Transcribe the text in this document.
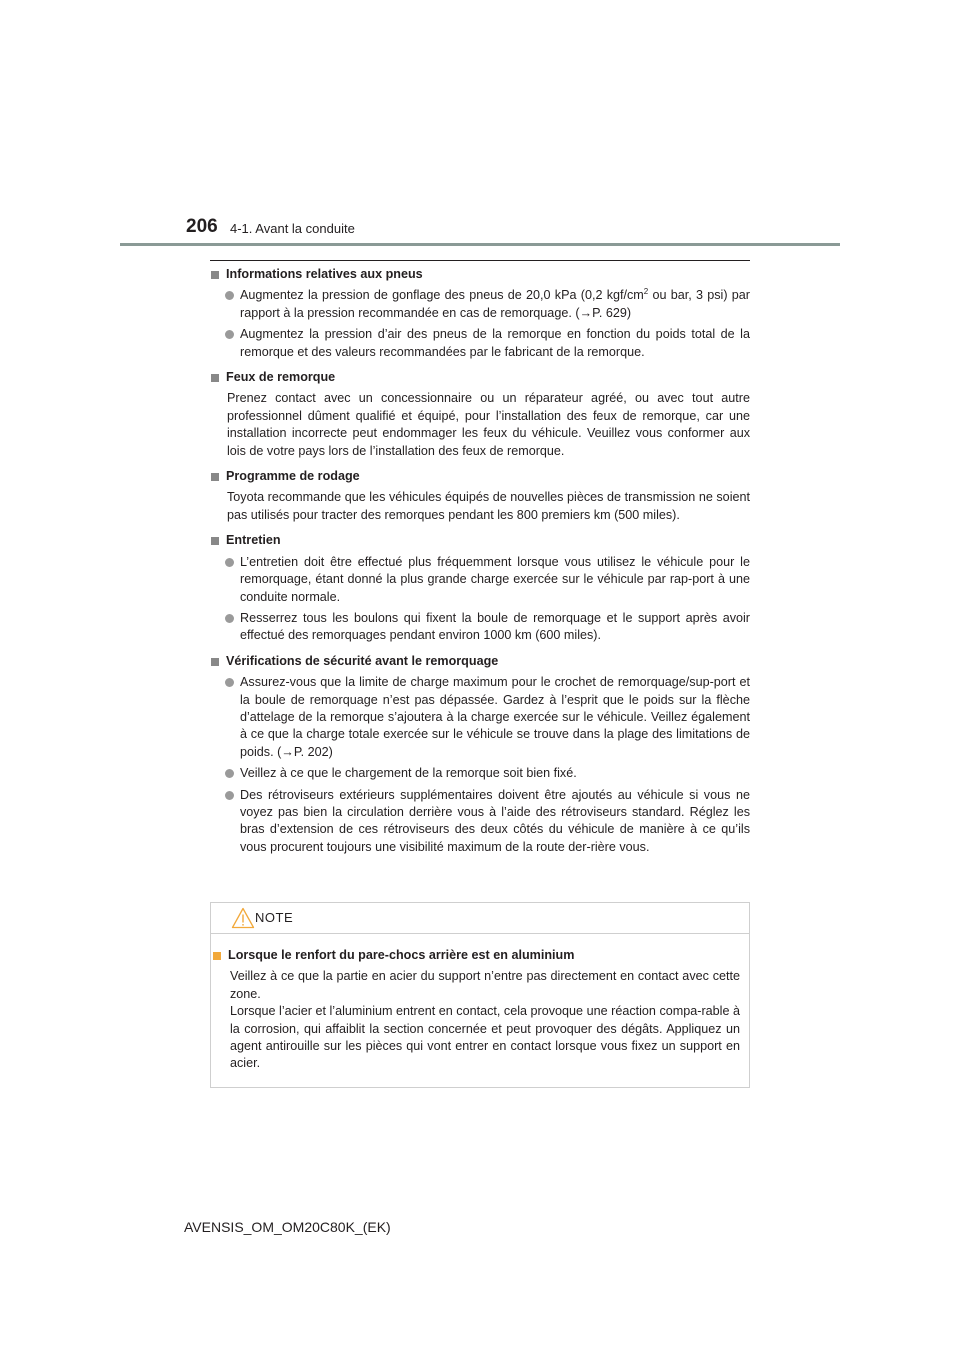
206 4-1. Avant la conduite
Informations relatives aux pneus
Augmentez la pression de gonflage des pneus de 20,0 kPa (0,2 kgf/$cm^2$ ou bar, 3 psi) par rapport à la pression recommandée en cas de remorquage. (→P. 629)
Augmentez la pression d’air des pneus de la remorque en fonction du poids total de la remorque et des valeurs recommandées par le fabricant de la remorque.
Feux de remorque
Prenez contact avec un concessionnaire ou un réparateur agréé, ou avec tout autre professionnel dûment qualifié et équipé, pour l’installation des feux de remorque, car une installation incorrecte peut endommager les feux du véhicule. Veuillez vous conformer aux lois de votre pays lors de l’installation des feux de remorque.
Programme de rodage
Toyota recommande que les véhicules équipés de nouvelles pièces de transmission ne soient pas utilisés pour tracter des remorques pendant les 800 premiers km (500 miles).
Entretien
L’entretien doit être effectué plus fréquemment lorsque vous utilisez le véhicule pour le remorquage, étant donné la plus grande charge exercée sur le véhicule par rap-port à une conduite normale.
Resserrez tous les boulons qui fixent la boule de remorquage et le support après avoir effectué des remorquages pendant environ 1000 km (600 miles).
Vérifications de sécurité avant le remorquage
Assurez-vous que la limite de charge maximum pour le crochet de remorquage/sup-port et la boule de remorquage n’est pas dépassée. Gardez à l’esprit que le poids sur la flèche d’attelage de la remorque s’ajoutera à la charge exercée sur le véhicule. Veillez également à ce que la charge totale exercée sur le véhicule se trouve dans la plage des limitations de poids. (→P. 202)
Veillez à ce que le chargement de la remorque soit bien fixé.
Des rétroviseurs extérieurs supplémentaires doivent être ajoutés au véhicule si vous ne voyez pas bien la circulation derrière vous à l’aide des rétroviseurs standard. Réglez les bras d’extension de ces rétroviseurs des deux côtés du véhicule de manière à ce qu’ils vous procurent toujours une visibilité maximum de la route der-rière vous.
NOTE
Lorsque le renfort du pare-chocs arrière est en aluminium
Veillez à ce que la partie en acier du support n’entre pas directement en contact avec cette zone.
Lorsque l’acier et l’aluminium entrent en contact, cela provoque une réaction compa-rable à la corrosion, qui affaiblit la section concernée et peut provoquer des dégâts. Appliquez un agent antirouille sur les pièces qui vont entrer en contact lorsque vous fixez un support en acier.
AVENSIS_OM_OM20C80K_(EK)
